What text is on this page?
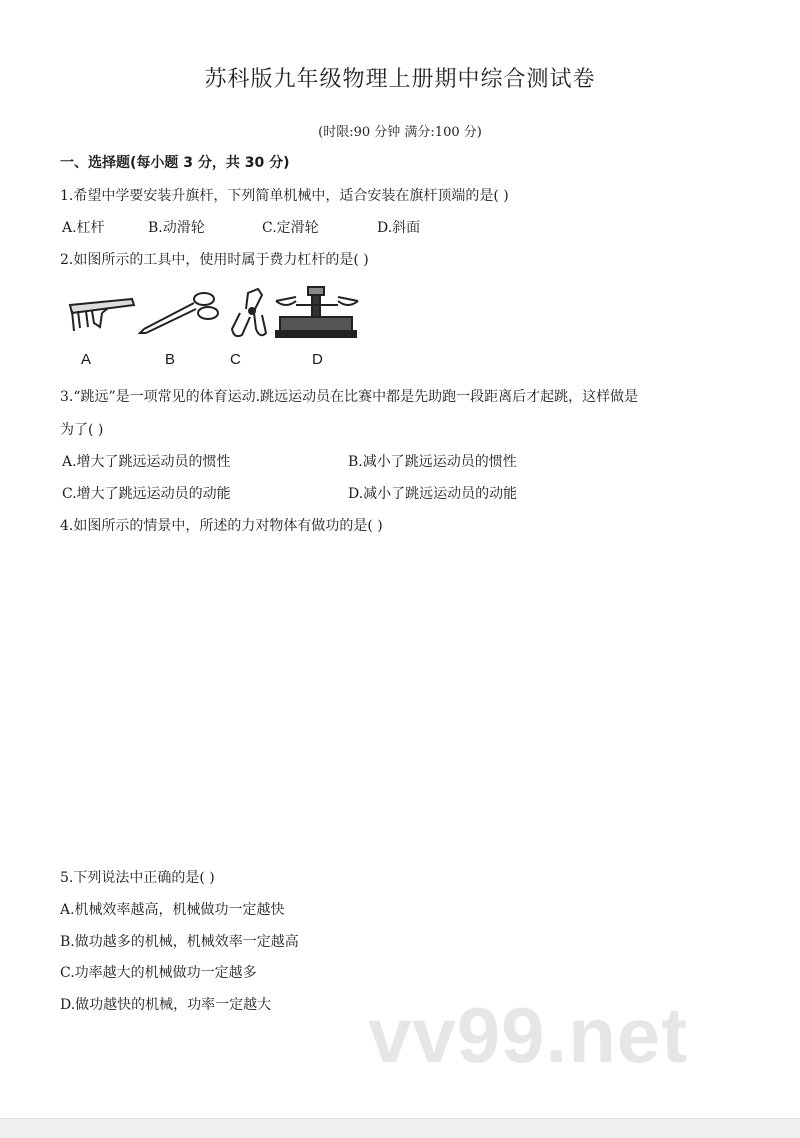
苏科版九年级物理上册期中综合测试卷
(时限:90 分钟 满分:100 分)
一、选择题(每小题 3 分，共 30 分)
1.希望中学要安装升旗杆，下列简单机械中，适合安装在旗杆顶端的是( )
A.杠杆	B.动滑轮	C.定滑轮	D.斜面
2.如图所示的工具中，使用时属于费力杠杆的是( )
A	B	C	D
3.“跳远”是一项常见的体育运动.跳远运动员在比赛中都是先助跑一段距离后才起跳，这样做是
为了( )
A.增大了跳远运动员的惯性	B.减小了跳远运动员的惯性
C.增大了跳远运动员的动能	D.减小了跳远运动员的动能
4.如图所示的情景中，所述的力对物体有做功的是( )
5.下列说法中正确的是( )
A.机械效率越高，机械做功一定越快
B.做功越多的机械，机械效率一定越高
C.功率越大的机械做功一定越多
D.做功越快的机械，功率一定越大 vv99.net
